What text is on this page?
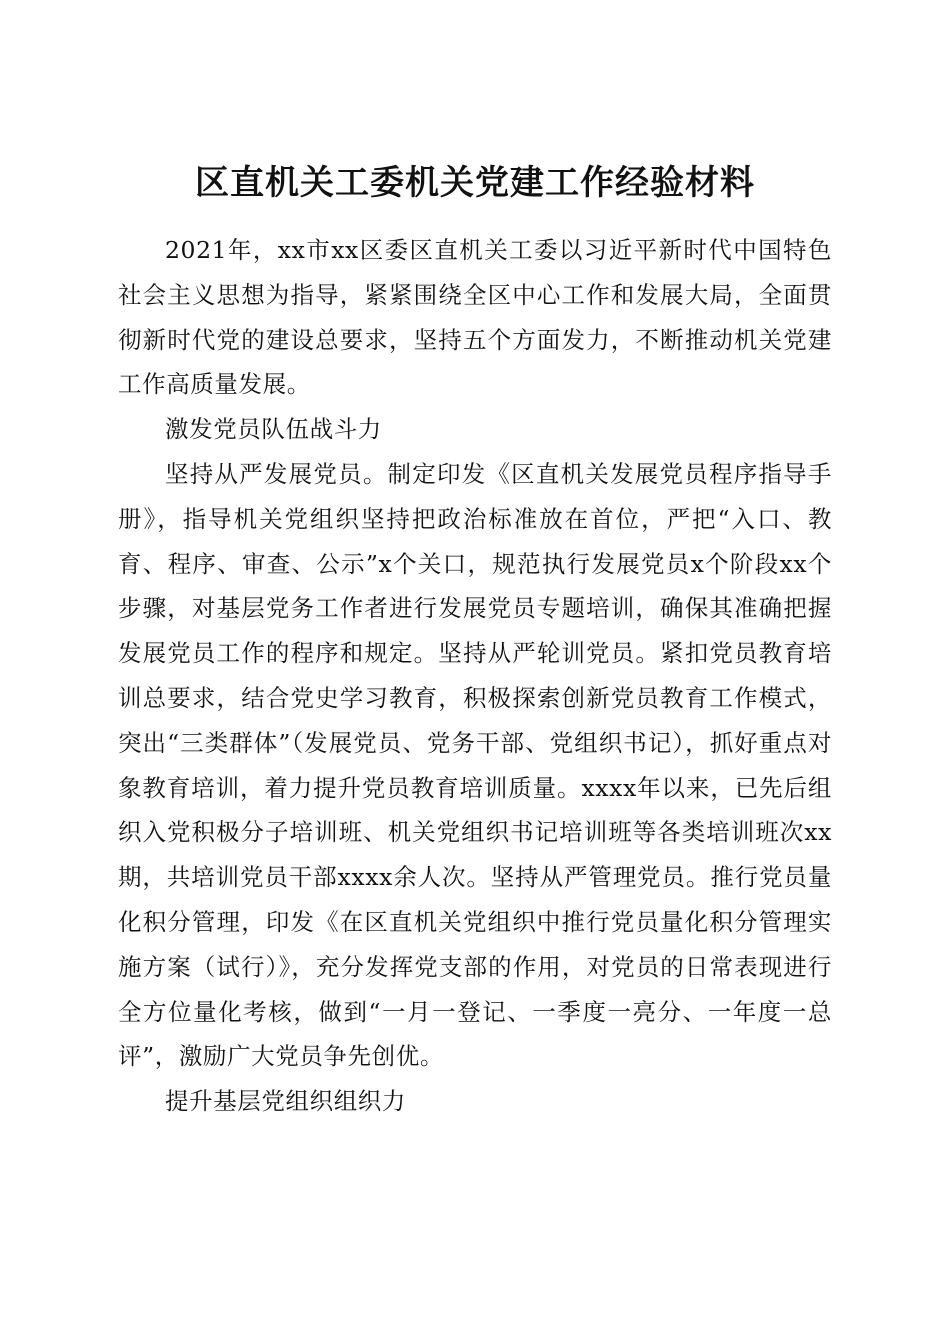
区直机关工委机关党建工作经验材料

2021年，xx市xx区委区直机关工委以习近平新时代中国特色社会主义思想为指导，紧紧围绕全区中心工作和发展大局，全面贯彻新时代党的建设总要求，坚持五个方面发力，不断推动机关党建工作高质量发展。

激发党员队伍战斗力

坚持从严发展党员。制定印发《区直机关发展党员程序指导手册》，指导机关党组织坚持把政治标准放在首位，严把“入口、教育、程序、审查、公示”x个关口，规范执行发展党员x个阶段xx个步骤，对基层党务工作者进行发展党员专题培训，确保其准确把握发展党员工作的程序和规定。坚持从严轮训党员。紧扣党员教育培训总要求，结合党史学习教育，积极探索创新党员教育工作模式，突出“三类群体”（发展党员、党务干部、党组织书记），抓好重点对象教育培训，着力提升党员教育培训质量。xxxx年以来，已先后组织入党积极分子培训班、机关党组织书记培训班等各类培训班次xx期，共培训党员干部xxxx余人次。坚持从严管理党员。推行党员量化积分管理，印发《在区直机关党组织中推行党员量化积分管理实施方案（试行）》，充分发挥党支部的作用，对党员的日常表现进行全方位量化考核，做到“一月一登记、一季度一亮分、一年度一总评”，激励广大党员争先创优。

提升基层党组织组织力
